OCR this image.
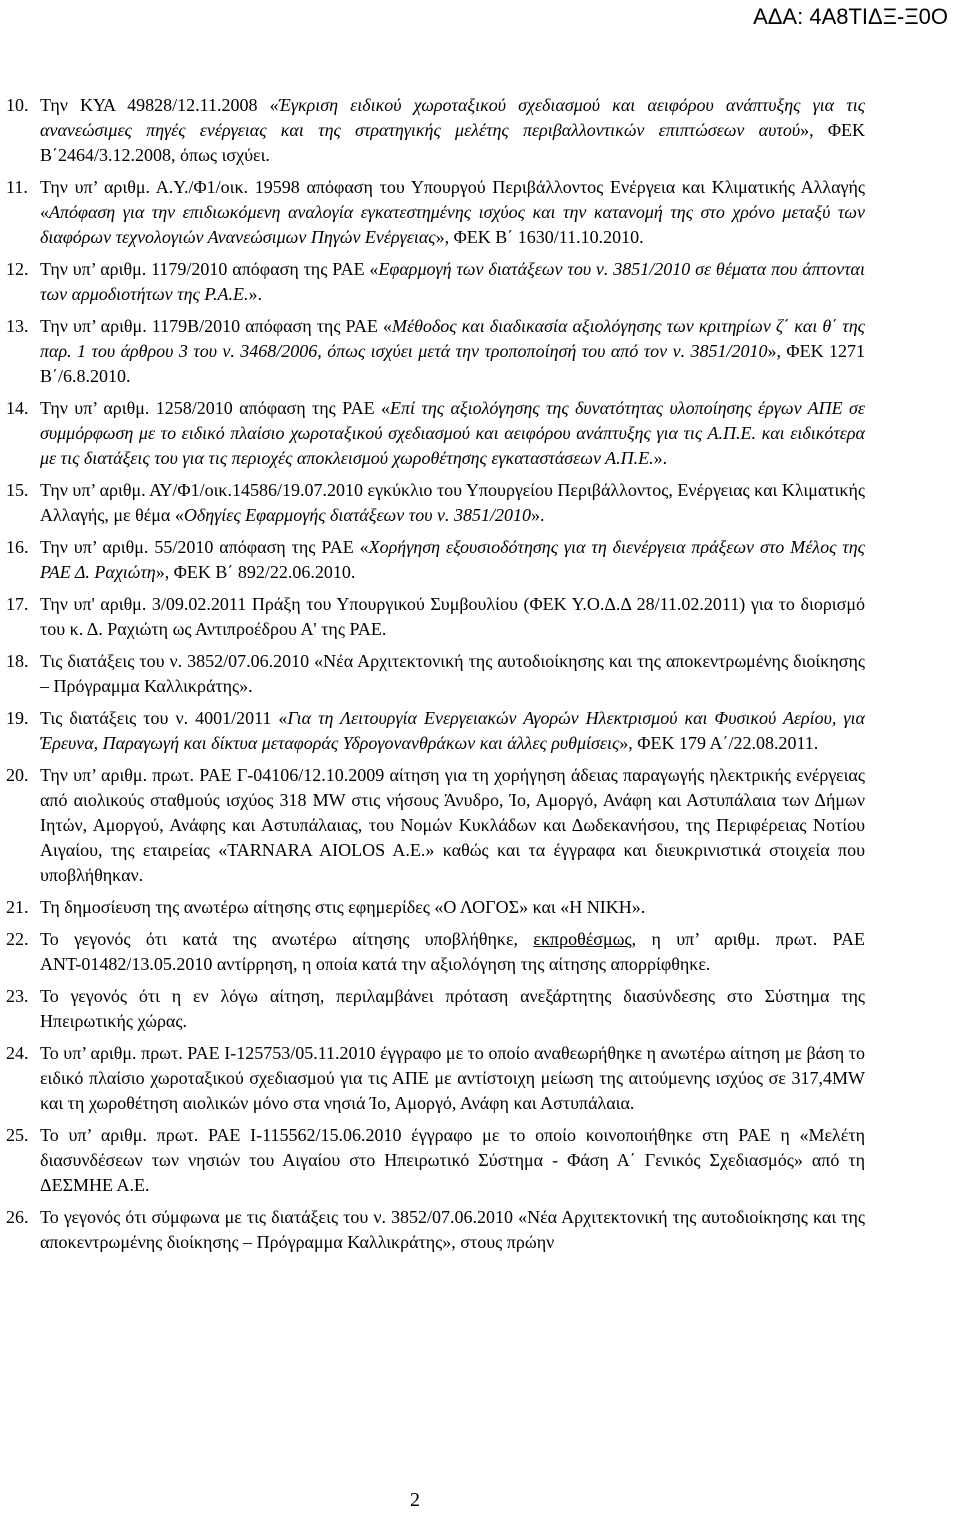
ΑΔΑ: 4Α8ΤΙΔΞ-Ξ0Ο
10. Την ΚΥΑ 49828/12.11.2008 «Έγκριση ειδικού χωροταξικού σχεδιασμού και αειφόρου ανάπτυξης για τις ανανεώσιμες πηγές ενέργειας και της στρατηγικής μελέτης περιβαλλοντικών επιπτώσεων αυτού», ΦΕΚ Β΄2464/3.12.2008, όπως ισχύει.
11. Την υπ’ αριθμ. Α.Υ./Φ1/οικ. 19598 απόφαση του Υπουργού Περιβάλλοντος Ενέργεια και Κλιματικής Αλλαγής «Απόφαση για την επιδιωκόμενη αναλογία εγκατεστημένης ισχύος και την κατανομή της στο χρόνο μεταξύ των διαφόρων τεχνολογιών Ανανεώσιμων Πηγών Ενέργειας», ΦΕΚ Β΄ 1630/11.10.2010.
12. Την υπ’ αριθμ. 1179/2010 απόφαση της ΡΑΕ «Εφαρμογή των διατάξεων του ν. 3851/2010 σε θέματα που άπτονται των αρμοδιοτήτων της Ρ.Α.Ε.».
13. Την υπ’ αριθμ. 1179Β/2010 απόφαση της ΡΑΕ «Μέθοδος και διαδικασία αξιολόγησης των κριτηρίων ζ΄ και θ΄ της παρ. 1 του άρθρου 3 του ν. 3468/2006, όπως ισχύει μετά την τροποποίησή του από τον ν. 3851/2010», ΦΕΚ 1271 Β΄/6.8.2010.
14. Την υπ’ αριθμ. 1258/2010 απόφαση της ΡΑΕ «Επί της αξιολόγησης της δυνατότητας υλοποίησης έργων ΑΠΕ σε συμμόρφωση με το ειδικό πλαίσιο χωροταξικού σχεδιασμού και αειφόρου ανάπτυξης για τις Α.Π.Ε. και ειδικότερα με τις διατάξεις του για τις περιοχές αποκλεισμού χωροθέτησης εγκαταστάσεων Α.Π.Ε.».
15. Την υπ’ αριθμ. ΑΥ/Φ1/οικ.14586/19.07.2010 εγκύκλιο του Υπουργείου Περιβάλλοντος, Ενέργειας και Κλιματικής Αλλαγής, με θέμα «Οδηγίες Εφαρμογής διατάξεων του ν. 3851/2010».
16. Την υπ’ αριθμ. 55/2010 απόφαση της ΡΑΕ «Χορήγηση εξουσιοδότησης για τη διενέργεια πράξεων στο Μέλος της ΡΑΕ Δ. Ραχιώτη», ΦΕΚ Β΄ 892/22.06.2010.
17. Την υπ' αριθμ. 3/09.02.2011 Πράξη του Υπουργικού Συμβουλίου (ΦΕΚ Υ.Ο.Δ.Δ 28/11.02.2011) για το διορισμό του κ. Δ. Ραχιώτη ως Αντιπροέδρου Α' της ΡΑΕ.
18. Τις διατάξεις του ν. 3852/07.06.2010 «Νέα Αρχιτεκτονική της αυτοδιοίκησης και της αποκεντρωμένης διοίκησης – Πρόγραμμα Καλλικράτης».
19. Τις διατάξεις του ν. 4001/2011 «Για τη Λειτουργία Ενεργειακών Αγορών Ηλεκτρισμού και Φυσικού Αερίου, για Έρευνα, Παραγωγή και δίκτυα μεταφοράς Υδρογονανθράκων και άλλες ρυθμίσεις», ΦΕΚ 179 Α΄/22.08.2011.
20. Την υπ’ αριθμ. πρωτ. ΡΑΕ Γ-04106/12.10.2009 αίτηση για τη χορήγηση άδειας παραγωγής ηλεκτρικής ενέργειας από αιολικούς σταθμούς ισχύος 318 MW στις νήσους Άνυδρο, Ίο, Αμοργό, Ανάφη και Αστυπάλαια των Δήμων Ιητών, Αμοργού, Ανάφης και Αστυπάλαιας, του Νομών Κυκλάδων και Δωδεκανήσου, της Περιφέρειας Νοτίου Αιγαίου, της εταιρείας «TARNARA AIOLOS A.E.» καθώς και τα έγγραφα και διευκρινιστικά στοιχεία που υποβλήθηκαν.
21. Τη δημοσίευση της ανωτέρω αίτησης στις εφημερίδες «Ο ΛΟΓΟΣ» και «Η ΝΙΚΗ».
22. Το γεγονός ότι κατά της ανωτέρω αίτησης υποβλήθηκε, εκπροθέσμως, η υπ’ αριθμ. πρωτ. ΡΑΕ ΑΝΤ-01482/13.05.2010 αντίρρηση, η οποία κατά την αξιολόγηση της αίτησης απορρίφθηκε.
23. Το γεγονός ότι η εν λόγω αίτηση, περιλαμβάνει πρόταση ανεξάρτητης διασύνδεσης στο Σύστημα της Ηπειρωτικής χώρας.
24. Το υπ’ αριθμ. πρωτ. ΡΑΕ Ι-125753/05.11.2010 έγγραφο με το οποίο αναθεωρήθηκε η ανωτέρω αίτηση με βάση το ειδικό πλαίσιο χωροταξικού σχεδιασμού για τις ΑΠΕ με αντίστοιχη μείωση της αιτούμενης ισχύος σε 317,4MW και τη χωροθέτηση αιολικών μόνο στα νησιά Ίο, Αμοργό, Ανάφη και Αστυπάλαια.
25. Το υπ’ αριθμ. πρωτ. ΡΑΕ Ι-115562/15.06.2010 έγγραφο με το οποίο κοινοποιήθηκε στη ΡΑΕ η «Μελέτη διασυνδέσεων των νησιών του Αιγαίου στο Ηπειρωτικό Σύστημα - Φάση Α΄ Γενικός Σχεδιασμός» από τη ΔΕΣΜΗΕ Α.Ε.
26. Το γεγονός ότι σύμφωνα με τις διατάξεις του ν. 3852/07.06.2010 «Νέα Αρχιτεκτονική της αυτοδιοίκησης και της αποκεντρωμένης διοίκησης – Πρόγραμμα Καλλικράτης», στους πρώην
2
